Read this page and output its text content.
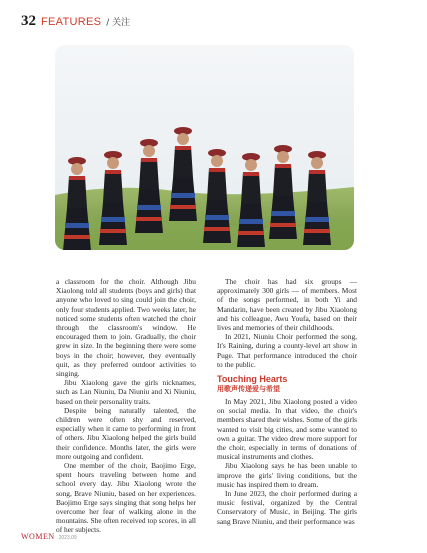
32 FEATURES / 关注

a classroom for the choir. Although Jibu Xiaolong told all students (boys and girls) that anyone who loved to sing could join the choir, only four students applied. Two weeks later, he noticed some students often watched the choir through the classroom's window. He encouraged them to join. Gradually, the choir grew in size. In the beginning there were some boys in the choir; however, they eventually quit, as they preferred outdoor activities to singing.

Jibu Xiaolong gave the girls nicknames, such as Lan Niuniu, Da Niuniu and Xi Niuniu, based on their personality traits.

Despite being naturally talented, the children were often shy and reserved, especially when it came to performing in front of others. Jibu Xiaolong helped the girls build their confidence. Months later, the girls were more outgoing and confident.

One member of the choir, Baojimo Erge, spent hours traveling between home and school every day. Jibu Xiaolong wrote the song, Brave Niuniu, based on her experiences. Baojimo Erge says singing that song helps her overcome her fear of walking alone in the mountains. She often received top scores, in all of her subjects.

The choir has had six groups — approximately 300 girls — of members. Most of the songs performed, in both Yi and Mandarin, have been created by Jibu Xiaolong and his colleague, Awu Youfa, based on their lives and memories of their childhoods.

In 2021, Niuniu Choir performed the song, It's Raining, during a county-level art show in Puge. That performance introduced the choir to the public.

Touching Hearts
用歌声传递爱与希望

In May 2021, Jibu Xiaolong posted a video on social media. In that video, the choir's members shared their wishes. Some of the girls wanted to visit big cities, and some wanted to own a guitar. The video drew more support for the choir, especially in terms of donations of musical instruments and clothes.

Jibu Xiaolong says he has been unable to improve the girls' living conditions, but the music has inspired them to dream.

In June 2023, the choir performed during a music festival, organized by the Central Conservatory of Music, in Beijing. The girls sang Brave Niuniu, and their performance was

WOMEN 2023.09
